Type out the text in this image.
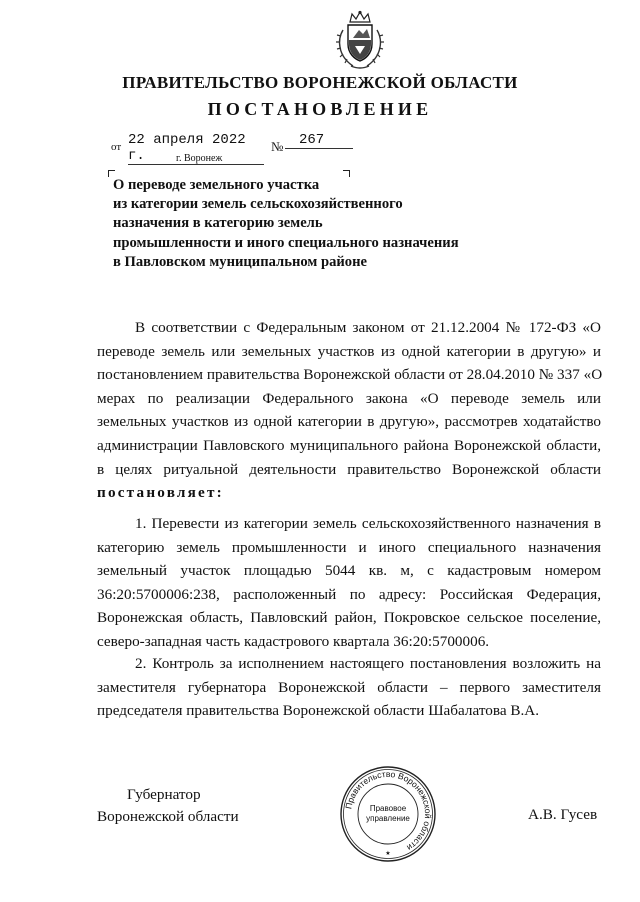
ПРАВИТЕЛЬСТВО ВОРОНЕЖСКОЙ ОБЛАСТИ
ПОСТАНОВЛЕНИЕ
от 22 апреля 2022 г.
№	267
г. Воронеж
О переводе земельного участка
из категории земель сельскохозяйственного
назначения в категорию земель
промышленности и иного специального назначения
в Павловском муниципальном районе
В соответствии с Федеральным законом от 21.12.2004 № 172-ФЗ «О
переводе земель или земельных участков из одной категории в другую» и
постановлением правительства Воронежской области от 28.04.2010 № 337 «О
мерах по реализации Федерального закона «О переводе земель или
земельных участков из одной категории в другую», рассмотрев ходатайство
администрации Павловского муниципального района Воронежской области,
в целях ритуальной деятельности правительство Воронежской области
постановляет:
1. Перевести из категории земель сельскохозяйственного назначения в
категорию земель промышленности и иного специального назначения
земельный участок площадью 5044 кв. м, с кадастровым номером
36:20:5700006:238, расположенный по адресу: Российская Федерация,
Воронежская область, Павловский район, Покровское сельское поселение,
северо-западная часть кадастрового квартала 36:20:5700006.
2. Контроль за исполнением настоящего постановления возложить на
заместителя губернатора Воронежской области – первого заместителя
председателя правительства Воронежской области Шабалатова В.А.
Губернатор
Воронежской области
Правительство Воронежской области
Правовое
управление
★
А.В. Гусев
